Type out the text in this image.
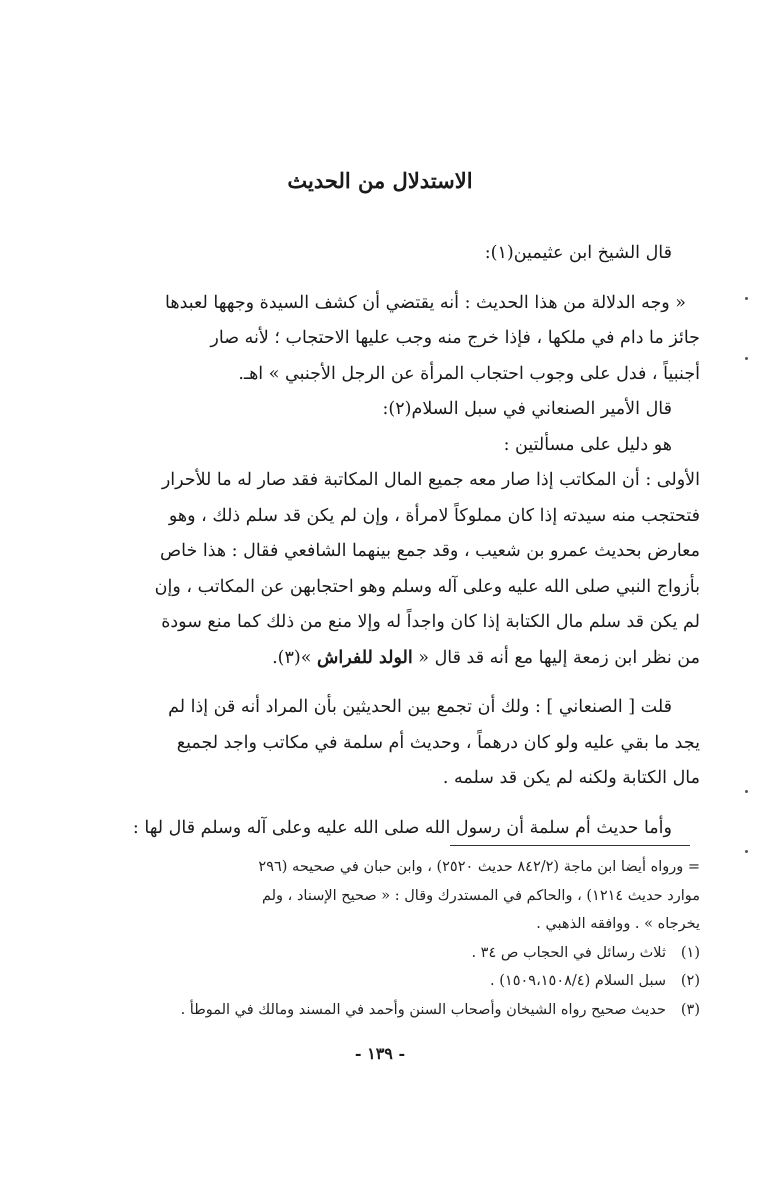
الاستدلال من الحديث
قال الشيخ ابن عثيمين(١):
« وجه الدلالة من هذا الحديث : أنه يقتضي أن كشف السيدة وجهها لعبدها
جائز ما دام في ملكها ، فإذا خرج منه وجب عليها الاحتجاب ؛ لأنه صار
أجنبياً ، فدل على وجوب احتجاب المرأة عن الرجل الأجنبي » اهـ.
قال الأمير الصنعاني في سبل السلام(٢):
هو دليل على مسألتين :
الأولى : أن المكاتب إذا صار معه جميع المال المكاتبة فقد صار له ما للأحرار
فتحتجب منه سيدته إذا كان مملوكاً لامرأة ، وإن لم يكن قد سلم ذلك ، وهو
معارض بحديث عمرو بن شعيب ، وقد جمع بينهما الشافعي فقال : هذا خاص
بأزواج النبي صلى الله عليه وعلى آله وسلم وهو احتجابهن عن المكاتب ، وإن
لم يكن قد سلم مال الكتابة إذا كان واجداً له وإلا منع من ذلك كما منع سودة
من نظر ابن زمعة إليها مع أنه قد قال « الولد للفراش »(٣).
قلت [ الصنعاني ] : ولك أن تجمع بين الحديثين بأن المراد أنه قن إذا لم
يجد ما بقي عليه ولو كان درهماً ، وحديث أم سلمة في مكاتب واجد لجميع
مال الكتابة ولكنه لم يكن قد سلمه .
وأما حديث أم سلمة أن رسول الله صلى الله عليه وعلى آله وسلم قال لها :
= ورواه أيضا ابن ماجة (٨٤٢/٢ حديث ٢٥٢٠) ، وابن حبان في صحيحه (٢٩٦
موارد حديث ١٢١٤) ، والحاكم في المستدرك وقال : « صحيح الإسناد ، ولم
يخرجاه » . ووافقه الذهبي .
(١)ثلاث رسائل في الحجاب ص ٣٤ .
(٢)سبل السلام (١٥٠٩،١٥٠٨/٤) .
(٣)حديث صحيح رواه الشيخان وأصحاب السنن وأحمد في المسند ومالك في الموطأ .
- ١٣٩ -
